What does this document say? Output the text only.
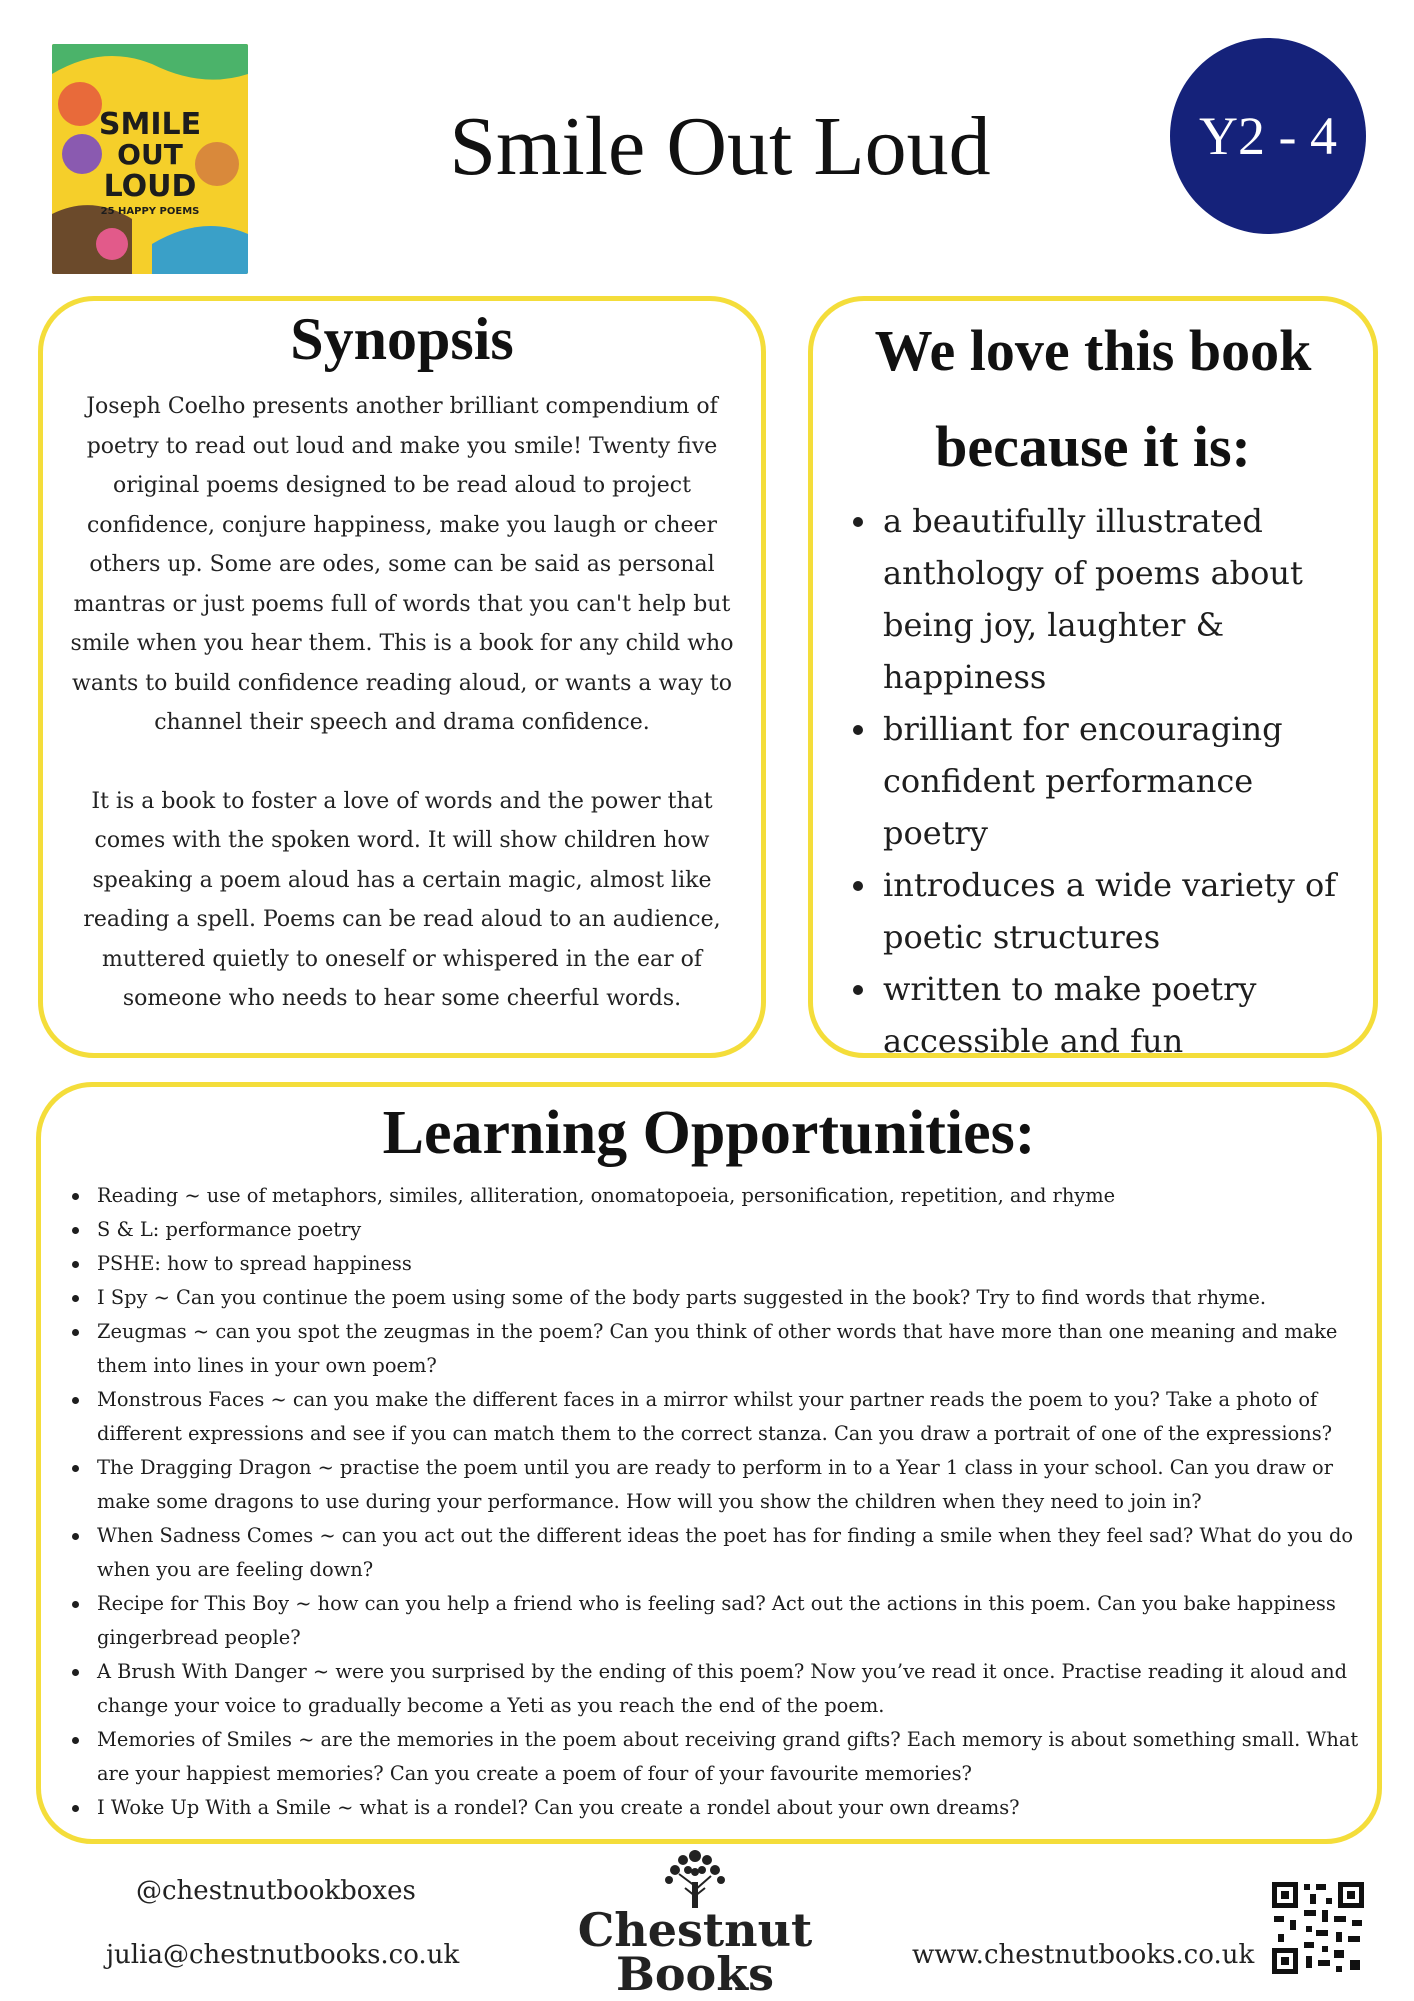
SMILE
OUT
LOUD
25 HAPPY POEMS
Smile Out Loud	Y2 - 4
Synopsis

Joseph Coelho presents another brilliant compendium of poetry to read out loud and make you smile! Twenty five original poems designed to be read aloud to project confidence, conjure happiness, make you laugh or cheer others up. Some are odes, some can be said as personal mantras or just poems full of words that you can't help but smile when you hear them. This is a book for any child who wants to build confidence reading aloud, or wants a way to channel their speech and drama confidence.

It is a book to foster a love of words and the power that comes with the spoken word. It will show children how speaking a poem aloud has a certain magic, almost like reading a spell. Poems can be read aloud to an audience, muttered quietly to oneself or whispered in the ear of someone who needs to hear some cheerful words.

We love this book
because it is:
a beautifully illustrated anthology of poems about being joy, laughter & happiness
brilliant for encouraging confident performance poetry
introduces a wide variety of poetic structures
written to make poetry accessible and fun
Learning Opportunities:
Reading ~ use of metaphors, similes, alliteration, onomatopoeia, personification, repetition, and rhyme
S & L: performance poetry
PSHE: how to spread happiness
I Spy ~ Can you continue the poem using some of the body parts suggested in the book? Try to find words that rhyme.
Zeugmas ~ can you spot the zeugmas in the poem? Can you think of other words that have more than one meaning and make them into lines in your own poem?
Monstrous Faces ~ can you make the different faces in a mirror whilst your partner reads the poem to you? Take a photo of different expressions and see if you can match them to the correct stanza. Can you draw a portrait of one of the expressions?
The Dragging Dragon ~ practise the poem until you are ready to perform in to a Year 1 class in your school. Can you draw or make some dragons to use during your performance. How will you show the children when they need to join in?
When Sadness Comes ~ can you act out the different ideas the poet has for finding a smile when they feel sad? What do you do when you are feeling down?
Recipe for This Boy ~ how can you help a friend who is feeling sad? Act out the actions in this poem. Can you bake happiness gingerbread people?
A Brush With Danger ~ were you surprised by the ending of this poem? Now you’ve read it once. Practise reading it aloud and change your voice to gradually become a Yeti as you reach the end of the poem.
Memories of Smiles ~ are the memories in the poem about receiving grand gifts? Each memory is about something small. What are your happiest memories? Can you create a poem of four of your favourite memories?
I Woke Up With a Smile ~ what is a rondel? Can you create a rondel about your own dreams?
@chestnutbookboxes
julia@chestnutbooks.co.uk	Chestnut
Books	www.chestnutbooks.co.uk
